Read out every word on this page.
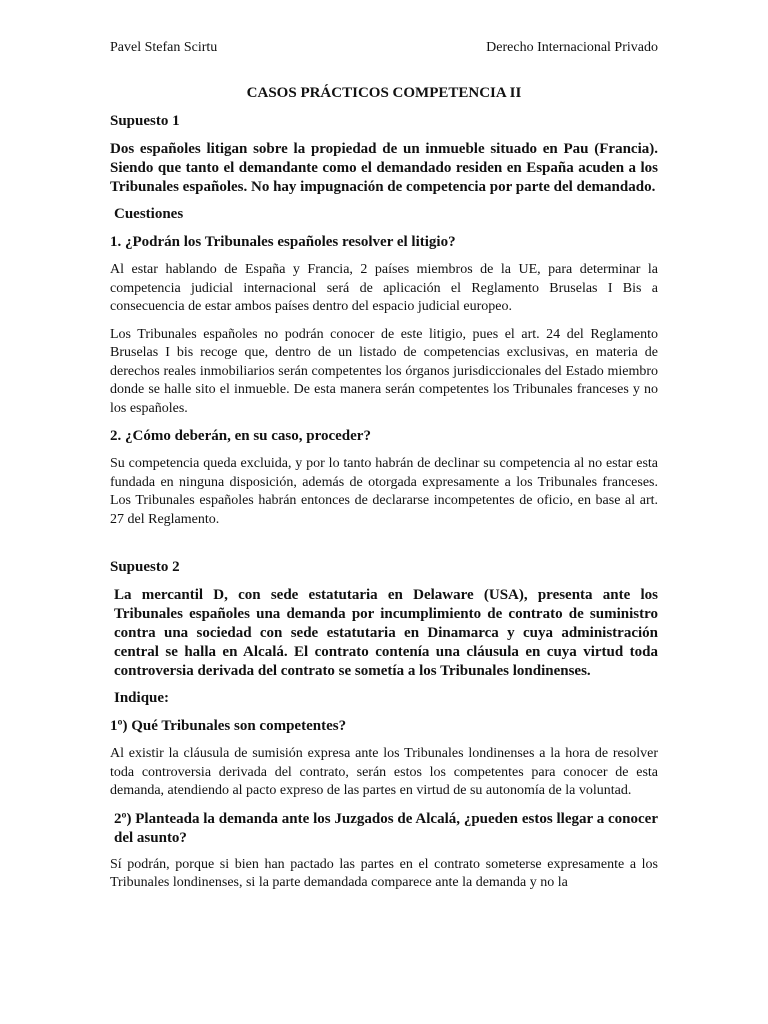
Pavel Stefan Scirtu	Derecho Internacional Privado
CASOS PRÁCTICOS COMPETENCIA II
Supuesto 1
Dos españoles litigan sobre la propiedad de un inmueble situado en Pau (Francia). Siendo que tanto el demandante como el demandado residen en España acuden a los Tribunales españoles. No hay impugnación de competencia por parte del demandado.
Cuestiones
1. ¿Podrán los Tribunales españoles resolver el litigio?
Al estar hablando de España y Francia, 2 países miembros de la UE, para determinar la competencia judicial internacional será de aplicación el Reglamento Bruselas I Bis a consecuencia de estar ambos países dentro del espacio judicial europeo.
Los Tribunales españoles no podrán conocer de este litigio, pues el art. 24 del Reglamento Bruselas I bis recoge que, dentro de un listado de competencias exclusivas, en materia de derechos reales inmobiliarios serán competentes los órganos jurisdiccionales del Estado miembro donde se halle sito el inmueble. De esta manera serán competentes los Tribunales franceses y no los españoles.
2. ¿Cómo deberán, en su caso, proceder?
Su competencia queda excluida, y por lo tanto habrán de declinar su competencia al no estar esta fundada en ninguna disposición, además de otorgada expresamente a los Tribunales franceses. Los Tribunales españoles habrán entonces de declararse incompetentes de oficio, en base al art. 27 del Reglamento.
Supuesto 2
La mercantil D, con sede estatutaria en Delaware (USA), presenta ante los Tribunales españoles una demanda por incumplimiento de contrato de suministro contra una sociedad con sede estatutaria en Dinamarca y cuya administración central se halla en Alcalá. El contrato contenía una cláusula en cuya virtud toda controversia derivada del contrato se sometía a los Tribunales londinenses.
Indique:
1º) Qué Tribunales son competentes?
Al existir la cláusula de sumisión expresa ante los Tribunales londinenses a la hora de resolver toda controversia derivada del contrato, serán estos los competentes para conocer de esta demanda, atendiendo al pacto expreso de las partes en virtud de su autonomía de la voluntad.
2º) Planteada la demanda ante los Juzgados de Alcalá, ¿pueden estos llegar a conocer del asunto?
Sí podrán, porque si bien han pactado las partes en el contrato someterse expresamente a los Tribunales londinenses, si la parte demandada comparece ante la demanda y no la
